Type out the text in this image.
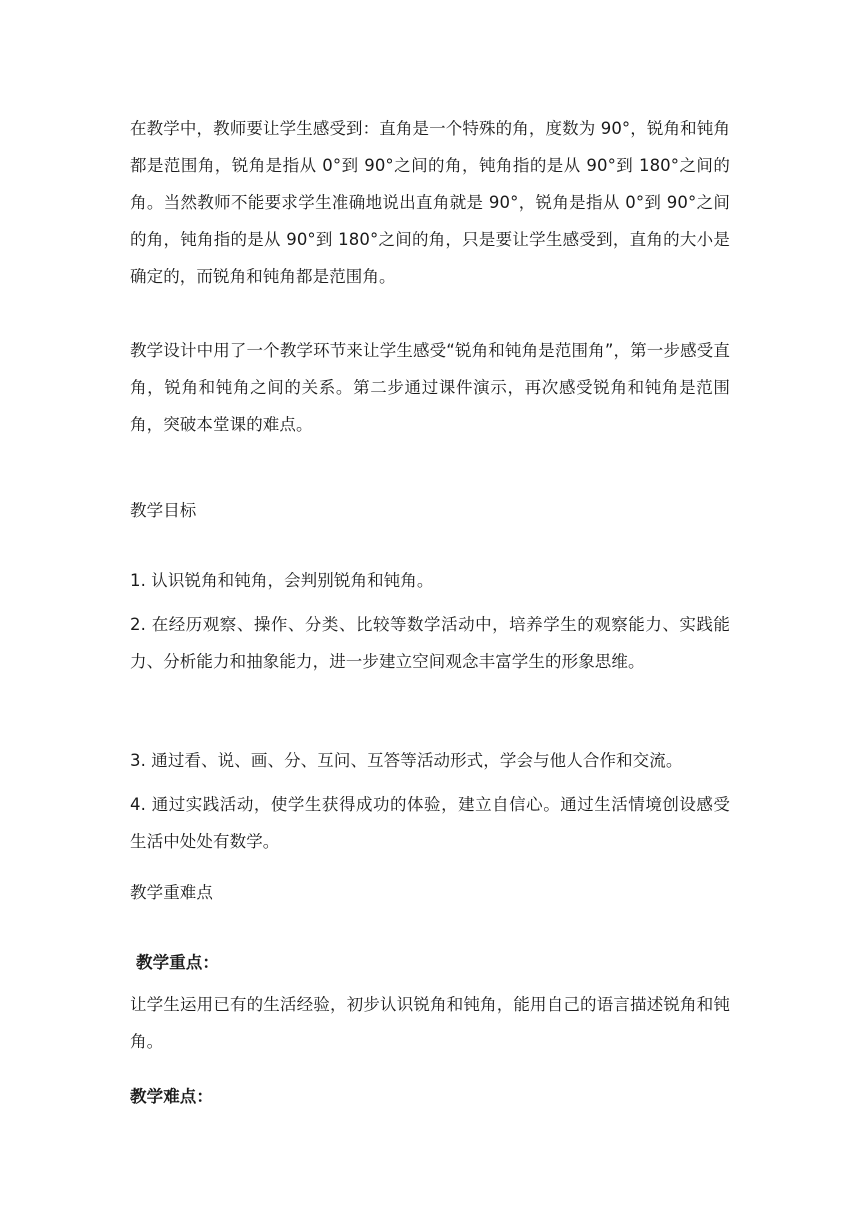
在教学中，教师要让学生感受到：直角是一个特殊的角，度数为 90°，锐角和钝角都是范围角，锐角是指从 0°到 90°之间的角，钝角指的是从 90°到 180°之间的角。当然教师不能要求学生准确地说出直角就是 90°，锐角是指从 0°到 90°之间的角，钝角指的是从 90°到 180°之间的角，只是要让学生感受到，直角的大小是确定的，而锐角和钝角都是范围角。

教学设计中用了一个教学环节来让学生感受“锐角和钝角是范围角”，第一步感受直角，锐角和钝角之间的关系。第二步通过课件演示，再次感受锐角和钝角是范围角，突破本堂课的难点。

教学目标

1. 认识锐角和钝角，会判别锐角和钝角。

2. 在经历观察、操作、分类、比较等数学活动中，培养学生的观察能力、实践能力、分析能力和抽象能力，进一步建立空间观念丰富学生的形象思维。

3. 通过看、说、画、分、互问、互答等活动形式，学会与他人合作和交流。

4. 通过实践活动，使学生获得成功的体验，建立自信心。通过生活情境创设感受生活中处处有数学。

教学重难点

教学重点：

让学生运用已有的生活经验，初步认识锐角和钝角，能用自己的语言描述锐角和钝角。

教学难点：
